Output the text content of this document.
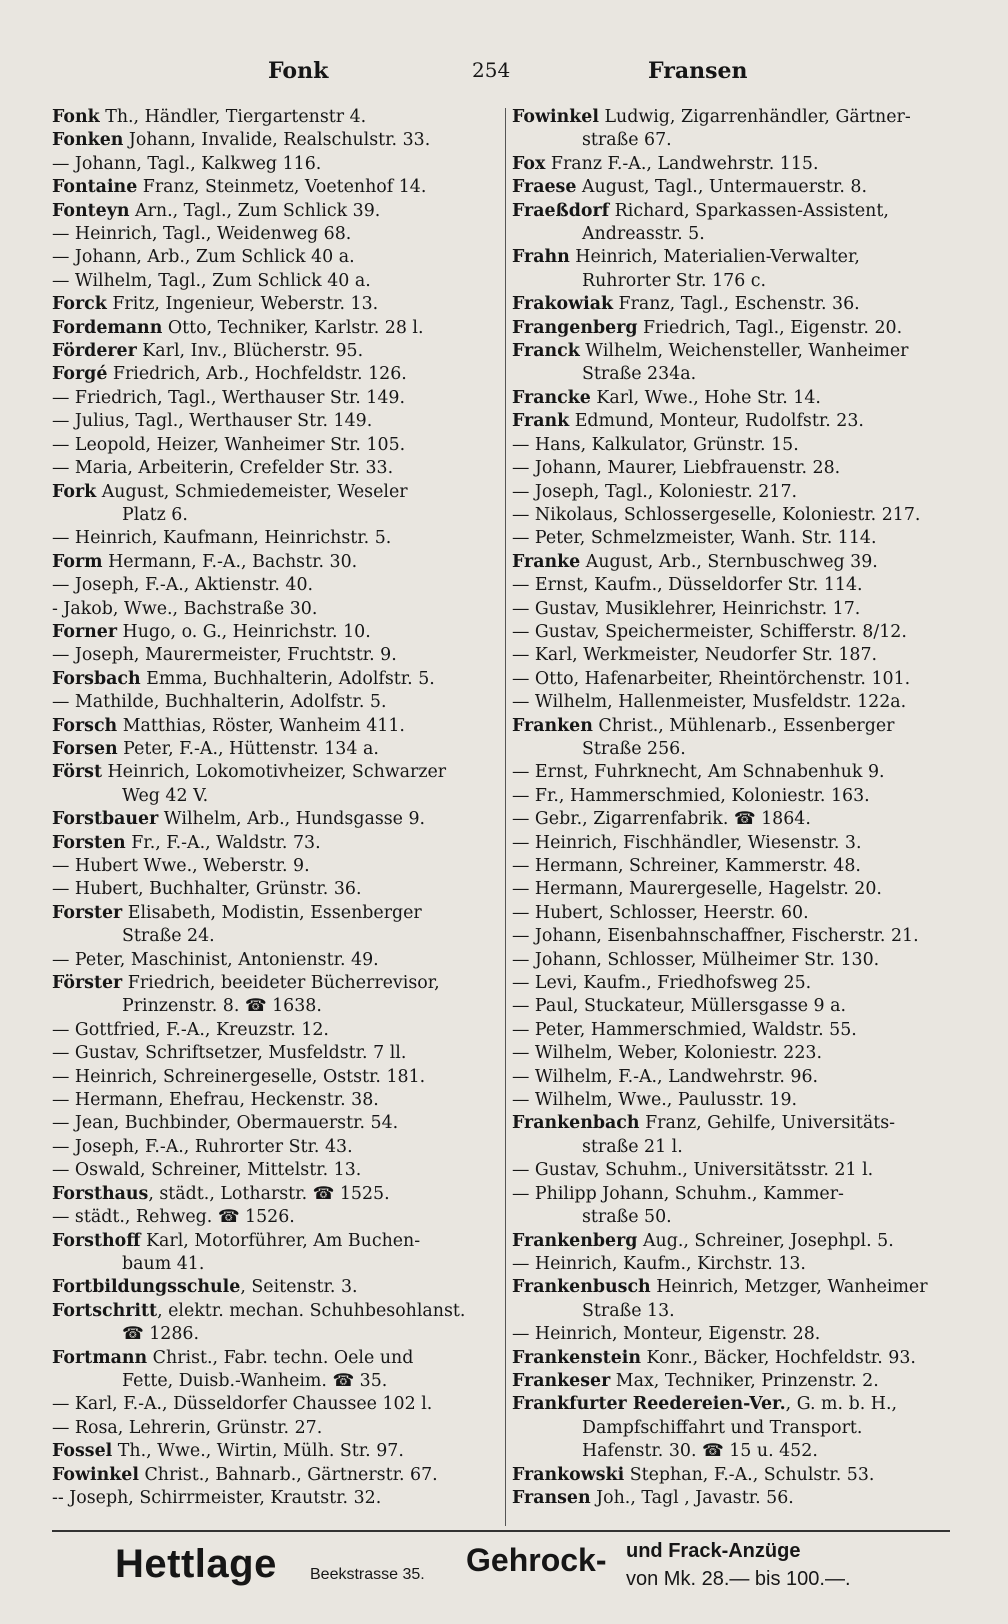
Fonk	254	Fransen
Fonk Th., Händler, Tiergartenstr 4.
Fonken Johann, Invalide, Realschulstr. 33.
— Johann, Tagl., Kalkweg 116.
Fontaine Franz, Steinmetz, Voetenhof 14.
Fonteyn Arn., Tagl., Zum Schlick 39.
— Heinrich, Tagl., Weidenweg 68.
— Johann, Arb., Zum Schlick 40 a.
— Wilhelm, Tagl., Zum Schlick 40 a.
Forck Fritz, Ingenieur, Weberstr. 13.
Fordemann Otto, Techniker, Karlstr. 28 l.
Förderer Karl, Inv., Blücherstr. 95.
Forgé Friedrich, Arb., Hochfeldstr. 126.
— Friedrich, Tagl., Werthauser Str. 149.
— Julius, Tagl., Werthauser Str. 149.
— Leopold, Heizer, Wanheimer Str. 105.
— Maria, Arbeiterin, Crefelder Str. 33.
Fork August, Schmiedemeister, Weseler
Platz 6.
— Heinrich, Kaufmann, Heinrichstr. 5.
Form Hermann, F.-A., Bachstr. 30.
— Joseph, F.-A., Aktienstr. 40.
- Jakob, Wwe., Bachstraße 30.
Forner Hugo, o. G., Heinrichstr. 10.
— Joseph, Maurermeister, Fruchtstr. 9.
Forsbach Emma, Buchhalterin, Adolfstr. 5.
— Mathilde, Buchhalterin, Adolfstr. 5.
Forsch Matthias, Röster, Wanheim 411.
Forsen Peter, F.-A., Hüttenstr. 134 a.
Först Heinrich, Lokomotivheizer, Schwarzer
Weg 42 V.
Forstbauer Wilhelm, Arb., Hundsgasse 9.
Forsten Fr., F.-A., Waldstr. 73.
— Hubert Wwe., Weberstr. 9.
— Hubert, Buchhalter, Grünstr. 36.
Forster Elisabeth, Modistin, Essenberger
Straße 24.
— Peter, Maschinist, Antonienstr. 49.
Förster Friedrich, beeideter Bücherrevisor,
Prinzenstr. 8. ☎ 1638.
— Gottfried, F.-A., Kreuzstr. 12.
— Gustav, Schriftsetzer, Musfeldstr. 7 ll.
— Heinrich, Schreinergeselle, Oststr. 181.
— Hermann, Ehefrau, Heckenstr. 38.
— Jean, Buchbinder, Obermauerstr. 54.
— Joseph, F.-A., Ruhrorter Str. 43.
— Oswald, Schreiner, Mittelstr. 13.
Forsthaus, städt., Lotharstr. ☎ 1525.
— städt., Rehweg. ☎ 1526.
Forsthoff Karl, Motorführer, Am Buchen-
baum 41.
Fortbildungsschule, Seitenstr. 3.
Fortschritt, elektr. mechan. Schuhbesohlanst.
☎ 1286.
Fortmann Christ., Fabr. techn. Oele und
Fette, Duisb.-Wanheim. ☎ 35.
— Karl, F.-A., Düsseldorfer Chaussee 102 l.
— Rosa, Lehrerin, Grünstr. 27.
Fossel Th., Wwe., Wirtin, Mülh. Str. 97.
Fowinkel Christ., Bahnarb., Gärtnerstr. 67.
-- Joseph, Schirrmeister, Krautstr. 32.
Fowinkel Ludwig, Zigarrenhändler, Gärtner-
straße 67.
Fox Franz F.-A., Landwehrstr. 115.
Fraese August, Tagl., Untermauerstr. 8.
Fraeßdorf Richard, Sparkassen-Assistent,
Andreasstr. 5.
Frahn Heinrich, Materialien-Verwalter,
Ruhrorter Str. 176 c.
Frakowiak Franz, Tagl., Eschenstr. 36.
Frangenberg Friedrich, Tagl., Eigenstr. 20.
Franck Wilhelm, Weichensteller, Wanheimer
Straße 234a.
Francke Karl, Wwe., Hohe Str. 14.
Frank Edmund, Monteur, Rudolfstr. 23.
— Hans, Kalkulator, Grünstr. 15.
— Johann, Maurer, Liebfrauenstr. 28.
— Joseph, Tagl., Koloniestr. 217.
— Nikolaus, Schlossergeselle, Koloniestr. 217.
— Peter, Schmelzmeister, Wanh. Str. 114.
Franke August, Arb., Sternbuschweg 39.
— Ernst, Kaufm., Düsseldorfer Str. 114.
— Gustav, Musiklehrer, Heinrichstr. 17.
— Gustav, Speichermeister, Schifferstr. 8/12.
— Karl, Werkmeister, Neudorfer Str. 187.
— Otto, Hafenarbeiter, Rheintörchenstr. 101.
— Wilhelm, Hallenmeister, Musfeldstr. 122a.
Franken Christ., Mühlenarb., Essenberger
Straße 256.
— Ernst, Fuhrknecht, Am Schnabenhuk 9.
— Fr., Hammerschmied, Koloniestr. 163.
— Gebr., Zigarrenfabrik. ☎ 1864.
— Heinrich, Fischhändler, Wiesenstr. 3.
— Hermann, Schreiner, Kammerstr. 48.
— Hermann, Maurergeselle, Hagelstr. 20.
— Hubert, Schlosser, Heerstr. 60.
— Johann, Eisenbahnschaffner, Fischerstr. 21.
— Johann, Schlosser, Mülheimer Str. 130.
— Levi, Kaufm., Friedhofsweg 25.
— Paul, Stuckateur, Müllersgasse 9 a.
— Peter, Hammerschmied, Waldstr. 55.
— Wilhelm, Weber, Koloniestr. 223.
— Wilhelm, F.-A., Landwehrstr. 96.
— Wilhelm, Wwe., Paulusstr. 19.
Frankenbach Franz, Gehilfe, Universitäts-
straße 21 l.
— Gustav, Schuhm., Universitätsstr. 21 l.
— Philipp Johann, Schuhm., Kammer-
straße 50.
Frankenberg Aug., Schreiner, Josephpl. 5.
— Heinrich, Kaufm., Kirchstr. 13.
Frankenbusch Heinrich, Metzger, Wanheimer
Straße 13.
— Heinrich, Monteur, Eigenstr. 28.
Frankenstein Konr., Bäcker, Hochfeldstr. 93.
Frankeser Max, Techniker, Prinzenstr. 2.
Frankfurter Reedereien-Ver., G. m. b. H.,
Dampfschiffahrt und Transport.
Hafenstr. 30. ☎ 15 u. 452.
Frankowski Stephan, F.-A., Schulstr. 53.
Fransen Joh., Tagl , Javastr. 56.
Hettlage Beekstrasse 35. Gehrock- und Frack-Anzüge
von Mk. 28.— bis 100.—.
